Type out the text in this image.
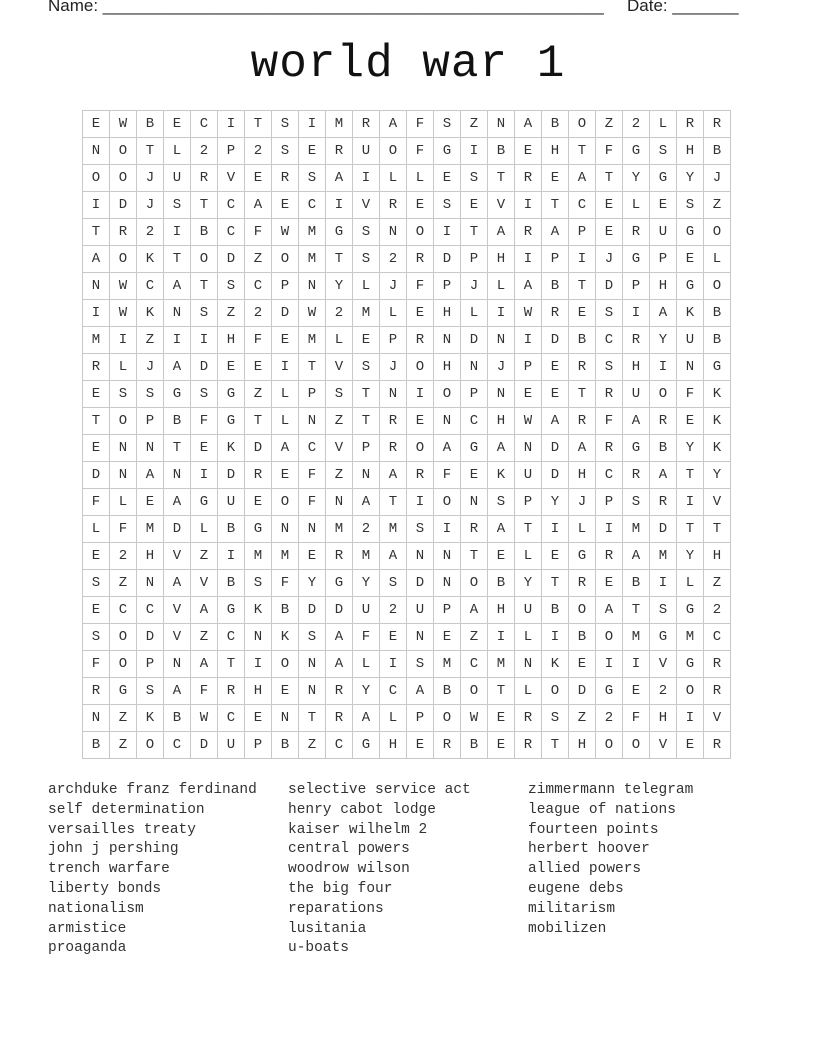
Name: _____________________________________________________ Date: _______
world war 1
E	W	B	E	C	I	T	S	I	M	R	A	F	S	Z	N	A	B	O	Z	2	L	R	R
N	O	T	L	2	P	2	S	E	R	U	O	F	G	I	B	E	H	T	F	G	S	H	B
O	O	J	U	R	V	E	R	S	A	I	L	L	E	S	T	R	E	A	T	Y	G	Y	J
I	D	J	S	T	C	A	E	C	I	V	R	E	S	E	V	I	T	C	E	L	E	S	Z
T	R	2	I	B	C	F	W	M	G	S	N	O	I	T	A	R	A	P	E	R	U	G	O
A	O	K	T	O	D	Z	O	M	T	S	2	R	D	P	H	I	P	I	J	G	P	E	L
N	W	C	A	T	S	C	P	N	Y	L	J	F	P	J	L	A	B	T	D	P	H	G	O
I	W	K	N	S	Z	2	D	W	2	M	L	E	H	L	I	W	R	E	S	I	A	K	B
M	I	Z	I	I	H	F	E	M	L	E	P	R	N	D	N	I	D	B	C	R	Y	U	B
R	L	J	A	D	E	E	I	T	V	S	J	O	H	N	J	P	E	R	S	H	I	N	G
E	S	S	G	S	G	Z	L	P	S	T	N	I	O	P	N	E	E	T	R	U	O	F	K
T	O	P	B	F	G	T	L	N	Z	T	R	E	N	C	H	W	A	R	F	A	R	E	K
E	N	N	T	E	K	D	A	C	V	P	R	O	A	G	A	N	D	A	R	G	B	Y	K
D	N	A	N	I	D	R	E	F	Z	N	A	R	F	E	K	U	D	H	C	R	A	T	Y
F	L	E	A	G	U	E	O	F	N	A	T	I	O	N	S	P	Y	J	P	S	R	I	V
L	F	M	D	L	B	G	N	N	M	2	M	S	I	R	A	T	I	L	I	M	D	T	T
E	2	H	V	Z	I	M	M	E	R	M	A	N	N	T	E	L	E	G	R	A	M	Y	H
S	Z	N	A	V	B	S	F	Y	G	Y	S	D	N	O	B	Y	T	R	E	B	I	L	Z
E	C	C	V	A	G	K	B	D	D	U	2	U	P	A	H	U	B	O	A	T	S	G	2
S	O	D	V	Z	C	N	K	S	A	F	E	N	E	Z	I	L	I	B	O	M	G	M	C
F	O	P	N	A	T	I	O	N	A	L	I	S	M	C	M	N	K	E	I	I	V	G	R
R	G	S	A	F	R	H	E	N	R	Y	C	A	B	O	T	L	O	D	G	E	2	O	R
N	Z	K	B	W	C	E	N	T	R	A	L	P	O	W	E	R	S	Z	2	F	H	I	V
B	Z	O	C	D	U	P	B	Z	C	G	H	E	R	B	E	R	T	H	O	O	V	E	R
archduke franz ferdinand
self determination
versailles treaty
john j pershing
trench warfare
liberty bonds
nationalism
armistice
proaganda
selective service act
henry cabot lodge
kaiser wilhelm 2
central powers
woodrow wilson
the big four
reparations
lusitania
u-boats
zimmermann telegram
league of nations
fourteen points
herbert hoover
allied powers
eugene debs
militarism
mobilizen
